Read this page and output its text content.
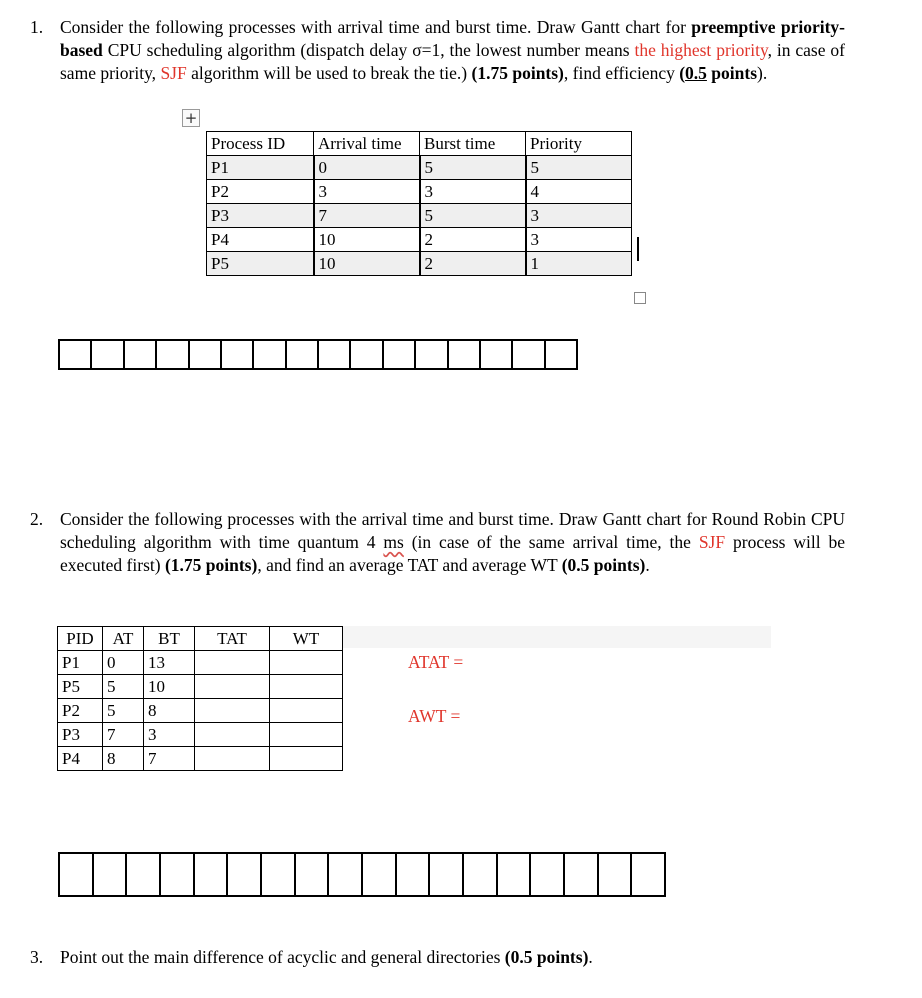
1. Consider the following processes with arrival time and burst time. Draw Gantt chart for preemptive priority-based CPU scheduling algorithm (dispatch delay σ=1, the lowest number means the highest priority, in case of same priority, SJF algorithm will be used to break the tie.) (1.75 points), find efficiency (0.5 points).
+
Process ID	Arrival time	Burst time	Priority
P1	0	5	5
P2	3	3	4
P3	7	5	3
P4	10	2	3
P5	10	2	1
2. Consider the following processes with the arrival time and burst time. Draw Gantt chart for Round Robin CPU scheduling algorithm with time quantum 4 ms (in case of the same arrival time, the SJF process will be executed first) (1.75 points), and find an average TAT and average WT (0.5 points).
PID	AT	BT	TAT	WT
P1	0	13		
P5	5	10		
P2	5	8		
P3	7	3		
P4	8	7		
ATAT =
AWT =
3. Point out the main difference of acyclic and general directories (0.5 points).
